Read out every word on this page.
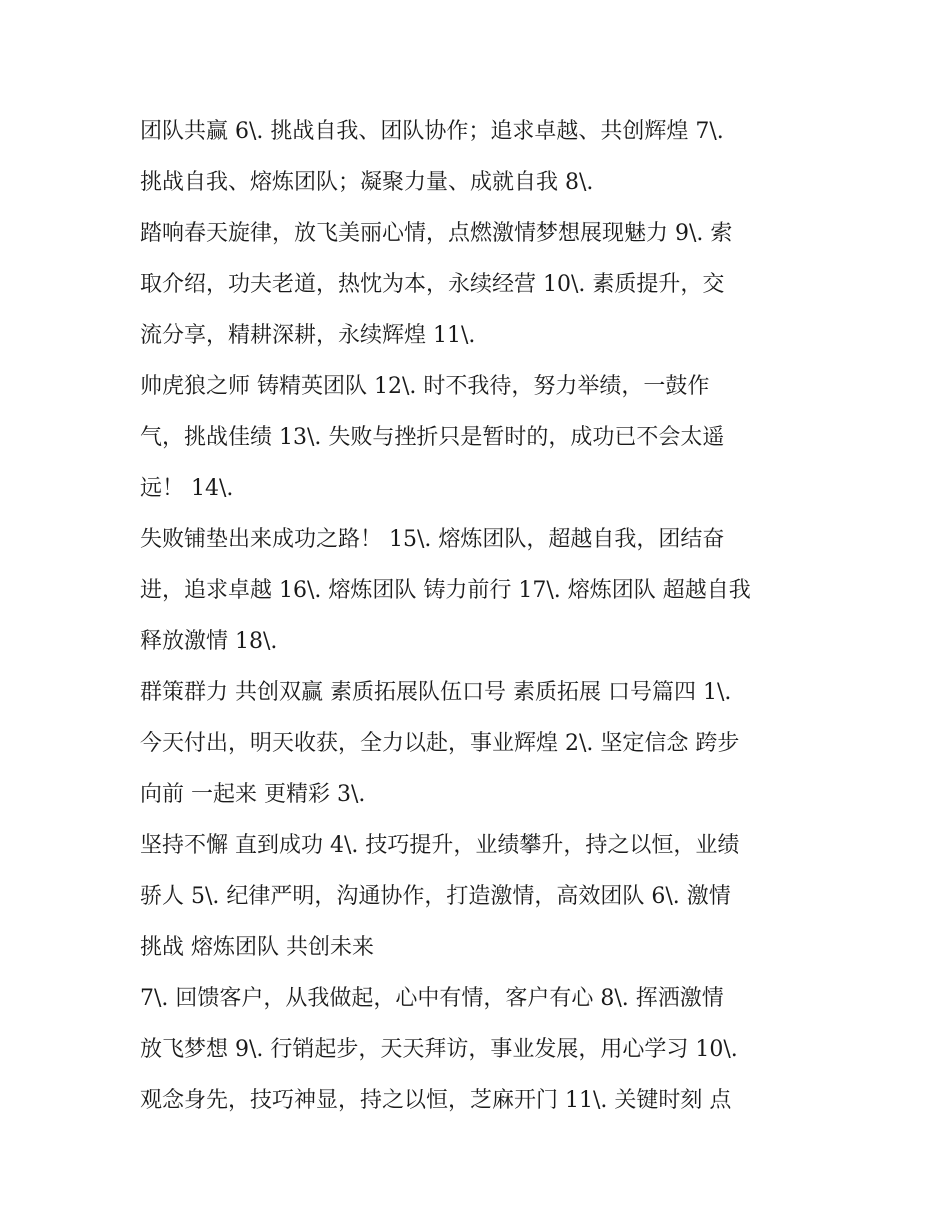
团队共赢 6\. 挑战自我、团队协作；追求卓越、共创辉煌 7\.
挑战自我、熔炼团队；凝聚力量、成就自我 8\.
踏响春天旋律，放飞美丽心情，点燃激情梦想展现魅力 9\. 索
取介绍，功夫老道，热忱为本，永续经营 10\. 素质提升，交
流分享，精耕深耕，永续辉煌 11\.
帅虎狼之师 铸精英团队 12\. 时不我待，努力举绩，一鼓作
气，挑战佳绩 13\. 失败与挫折只是暂时的，成功已不会太遥
远！ 14\.
失败铺垫出来成功之路！ 15\. 熔炼团队，超越自我，团结奋
进，追求卓越 16\. 熔炼团队 铸力前行 17\. 熔炼团队 超越自我
释放激情 18\.
群策群力 共创双赢 素质拓展队伍口号 素质拓展 口号篇四 1\.
今天付出，明天收获，全力以赴，事业辉煌 2\. 坚定信念 跨步
向前 一起来 更精彩 3\.
坚持不懈 直到成功 4\. 技巧提升，业绩攀升，持之以恒，业绩
骄人 5\. 纪律严明，沟通协作，打造激情，高效团队 6\. 激情
挑战 熔炼团队 共创未来
7\. 回馈客户，从我做起，心中有情，客户有心 8\. 挥洒激情
放飞梦想 9\. 行销起步，天天拜访，事业发展，用心学习 10\.
观念身先，技巧神显，持之以恒，芝麻开门 11\. 关键时刻 点
